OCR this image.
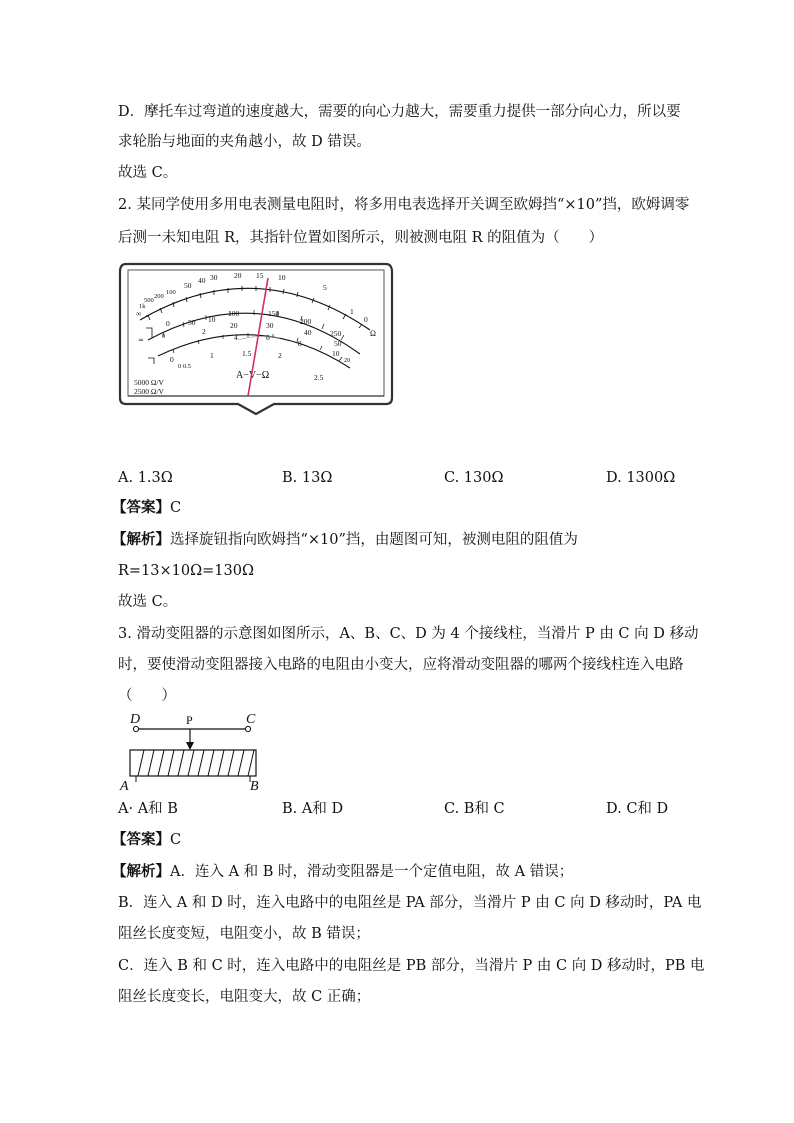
D．摩托车过弯道的速度越大，需要的向心力越大，需要重力提供一部分向心力，所以要
求轮胎与地面的夹角越小，故 D 错误。
故选 C。
2. 某同学使用多用电表测量电阻时，将多用电表选择开关调至欧姆挡“×10”挡，欧姆调零
后测一未知电阻 R，其指针位置如图所示，则被测电阻 R 的阻值为（　　）
∞
1k
500
200
100
50
40 30 20 15 10
5
1
0
Ω
0
0
50 10
2
100
20
4
150
30
6
200
40
8
250
50
10
0
0 0.5
1	1.5	2
2.5
20
≂
≈
A−V−Ω
5000 Ω/V
2500 Ω/V
A. 1.3Ω	B. 13Ω	C. 130Ω	D. 1300Ω
【答案】C
【解析】选择旋钮指向欧姆挡“×10”挡，由题图可知，被测电阻的阻值为
R=13×10Ω=130Ω
故选 C。
3. 滑动变阻器的示意图如图所示，A、B、C、D 为 4 个接线柱，当滑片 P 由 C 向 D 移动
时，要使滑动变阻器接入电路的电阻由小变大，应将滑动变阻器的哪两个接线柱连入电路
（　　）
D	P	C
A	B
A· A和 B	B. A和 D	C. B和 C	D. C和 D
【答案】C
【解析】A．连入 A 和 B 时，滑动变阻器是一个定值电阻，故 A 错误；
B．连入 A 和 D 时，连入电路中的电阻丝是 PA 部分，当滑片 P 由 C 向 D 移动时，PA 电
阻丝长度变短，电阻变小，故 B 错误；
C．连入 B 和 C 时，连入电路中的电阻丝是 PB 部分，当滑片 P 由 C 向 D 移动时，PB 电
阻丝长度变长，电阻变大，故 C 正确；
